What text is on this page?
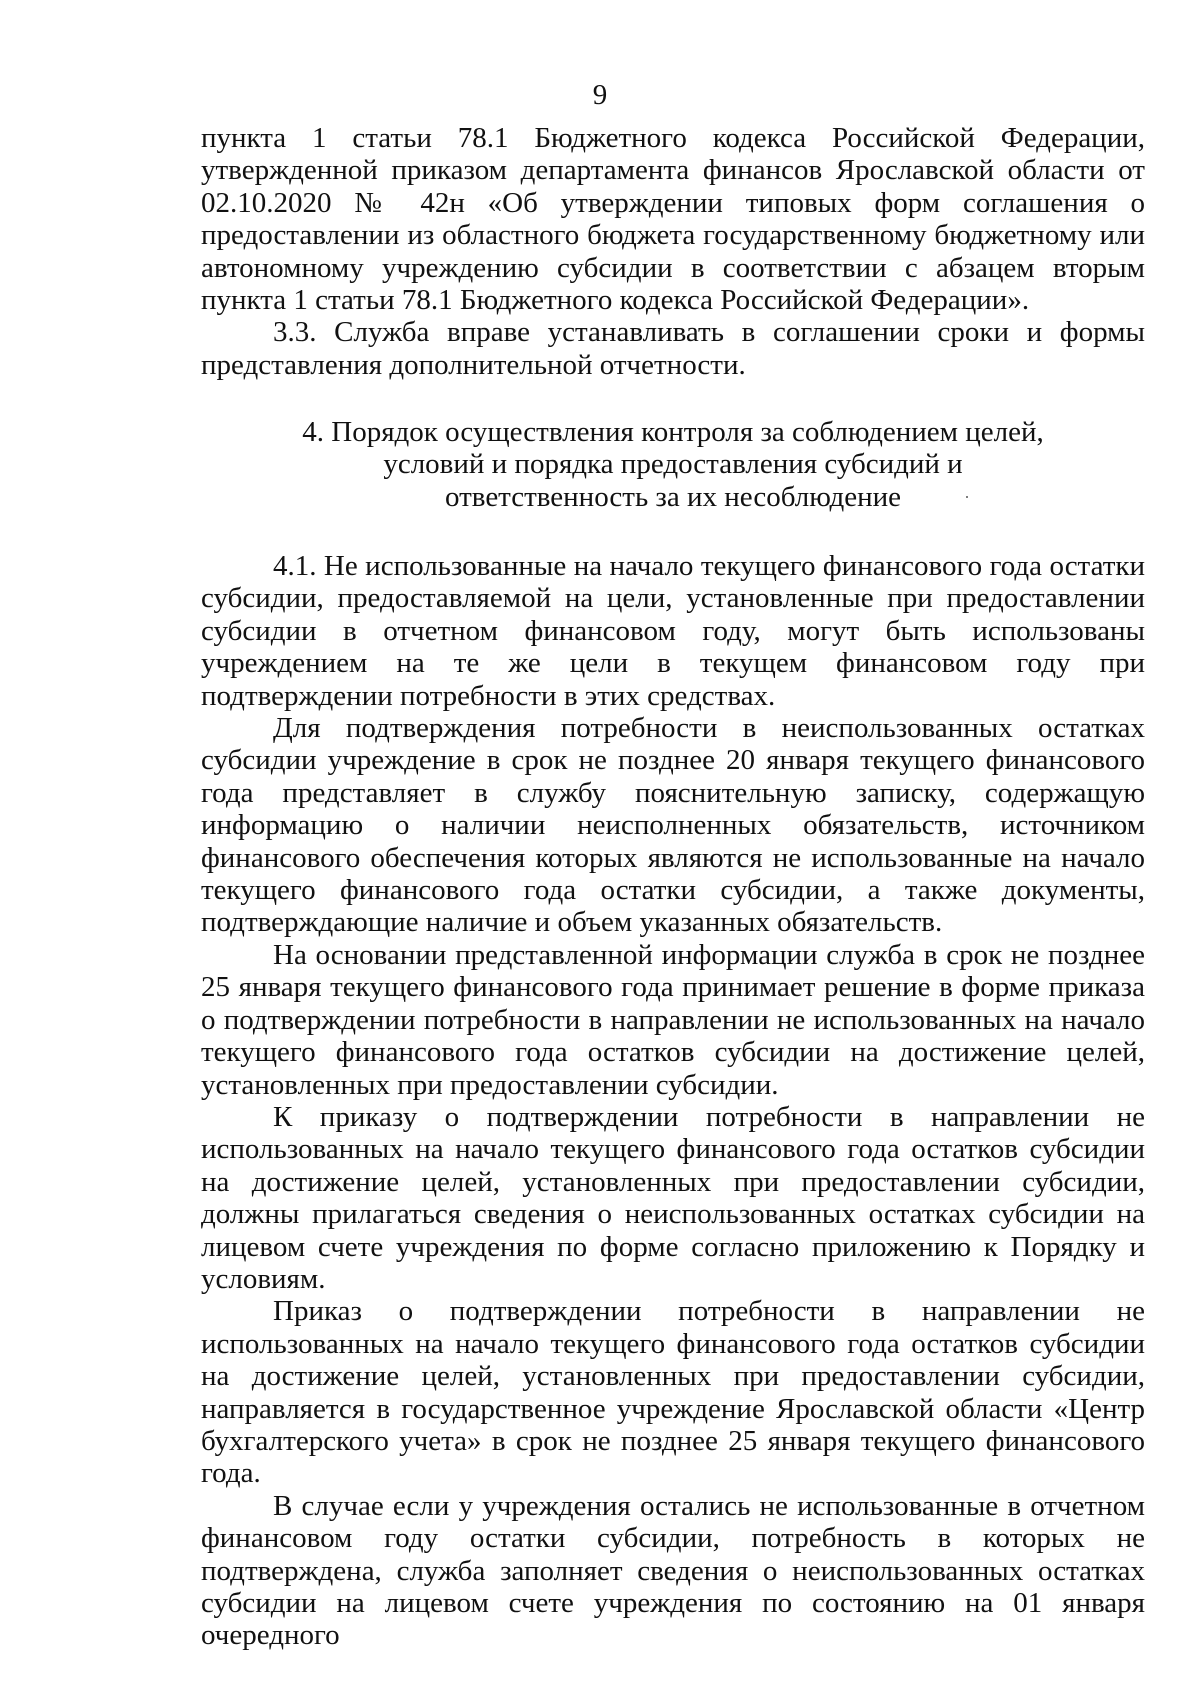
9

пункта 1 статьи 78.1 Бюджетного кодекса Российской Федерации, утвержденной приказом департамента финансов Ярославской области от 02.10.2020 № 42н «Об утверждении типовых форм соглашения о предоставлении из областного бюджета государственному бюджетному или автономному учреждению субсидии в соответствии с абзацем вторым пункта 1 статьи 78.1 Бюджетного кодекса Российской Федерации».

3.3. Служба вправе устанавливать в соглашении сроки и формы представления дополнительной отчетности.

4. Порядок осуществления контроля за соблюдением целей,
условий и порядка предоставления субсидий и
ответственность за их несоблюдение

4.1. Не использованные на начало текущего финансового года остатки субсидии, предоставляемой на цели, установленные при предоставлении субсидии в отчетном финансовом году, могут быть использованы учреждением на те же цели в текущем финансовом году при подтверждении потребности в этих средствах.

Для подтверждения потребности в неиспользованных остатках субсидии учреждение в срок не позднее 20 января текущего финансового года представляет в службу пояснительную записку, содержащую информацию о наличии неисполненных обязательств, источником финансового обеспечения которых являются не использованные на начало текущего финансового года остатки субсидии, а также документы, подтверждающие наличие и объем указанных обязательств.

На основании представленной информации служба в срок не позднее 25 января текущего финансового года принимает решение в форме приказа о подтверждении потребности в направлении не использованных на начало текущего финансового года остатков субсидии на достижение целей, установленных при предоставлении субсидии.

К приказу о подтверждении потребности в направлении не использованных на начало текущего финансового года остатков субсидии на достижение целей, установленных при предоставлении субсидии, должны прилагаться сведения о неиспользованных остатках субсидии на лицевом счете учреждения по форме согласно приложению к Порядку и условиям.

Приказ о подтверждении потребности в направлении не использованных на начало текущего финансового года остатков субсидии на достижение целей, установленных при предоставлении субсидии, направляется в государственное учреждение Ярославской области «Центр бухгалтерского учета» в срок не позднее 25 января текущего финансового года.

В случае если у учреждения остались не использованные в отчетном финансовом году остатки субсидии, потребность в которых не подтверждена, служба заполняет сведения о неиспользованных остатках субсидии на лицевом счете учреждения по состоянию на 01 января очередного
